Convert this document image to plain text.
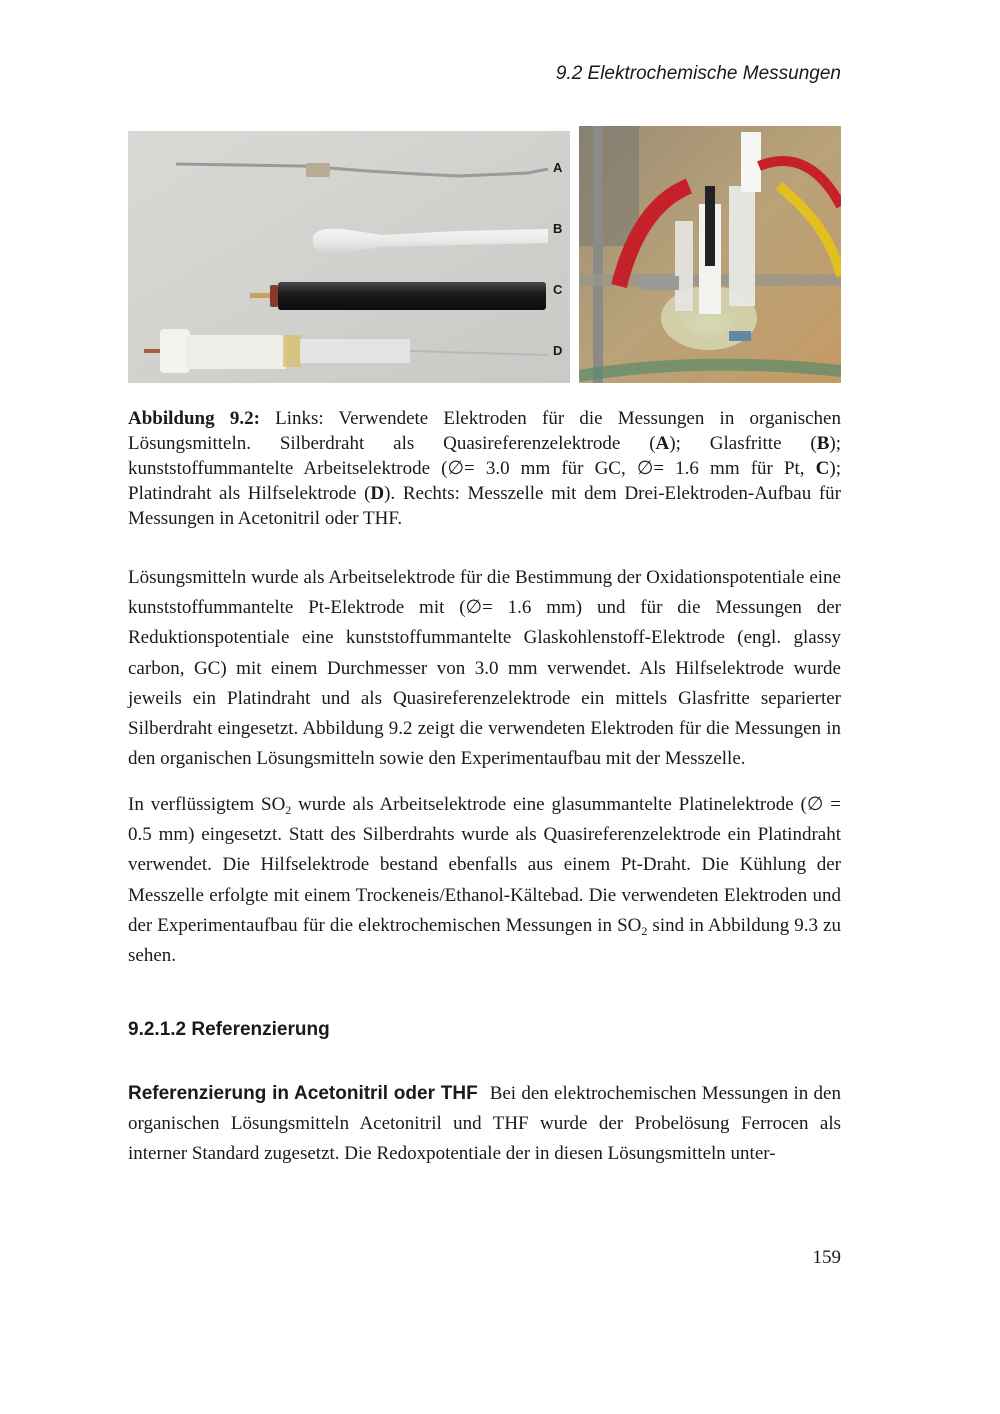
9.2 Elektrochemische Messungen
A
B
C
D

Abbildung 9.2: Links: Verwendete Elektroden für die Messungen in organischen Lösungsmitteln. Silberdraht als Quasireferenzelektrode (A); Glasfritte (B); kunststoffummantelte Arbeitselektrode (∅= 3.0 mm für GC, ∅= 1.6 mm für Pt, C); Platindraht als Hilfselektrode (D). Rechts: Messzelle mit dem Drei-Elektroden-Aufbau für Messungen in Acetonitril oder THF.

Lösungsmitteln wurde als Arbeitselektrode für die Bestimmung der Oxidationspotentiale eine kunststoffummantelte Pt-Elektrode mit (∅= 1.6 mm) und für die Messungen der Reduktionspotentiale eine kunststoffummantelte Glaskohlenstoff-Elektrode (engl. glassy carbon, GC) mit einem Durchmesser von 3.0 mm verwendet. Als Hilfselektrode wurde jeweils ein Platindraht und als Quasireferenzelektrode ein mittels Glasfritte separierter Silberdraht eingesetzt. Abbildung 9.2 zeigt die verwendeten Elektroden für die Messungen in den organischen Lösungsmitteln sowie den Experimentaufbau mit der Messzelle.

In verflüssigtem $SO_2$ wurde als Arbeitselektrode eine glasummantelte Platinelektrode (∅ = 0.5 mm) eingesetzt. Statt des Silberdrahts wurde als Quasireferenzelektrode ein Platindraht verwendet. Die Hilfselektrode bestand ebenfalls aus einem Pt-Draht. Die Kühlung der Messzelle erfolgte mit einem Trockeneis/Ethanol-Kältebad. Die verwendeten Elektroden und der Experimentaufbau für die elektrochemischen Messungen in $SO_2$ sind in Abbildung 9.3 zu sehen.

9.2.1.2 Referenzierung

Referenzierung in Acetonitril oder THF Bei den elektrochemischen Messungen in den organischen Lösungsmitteln Acetonitril und THF wurde der Probelösung Ferrocen als interner Standard zugesetzt. Die Redoxpotentiale der in diesen Lösungsmitteln unter-

159
